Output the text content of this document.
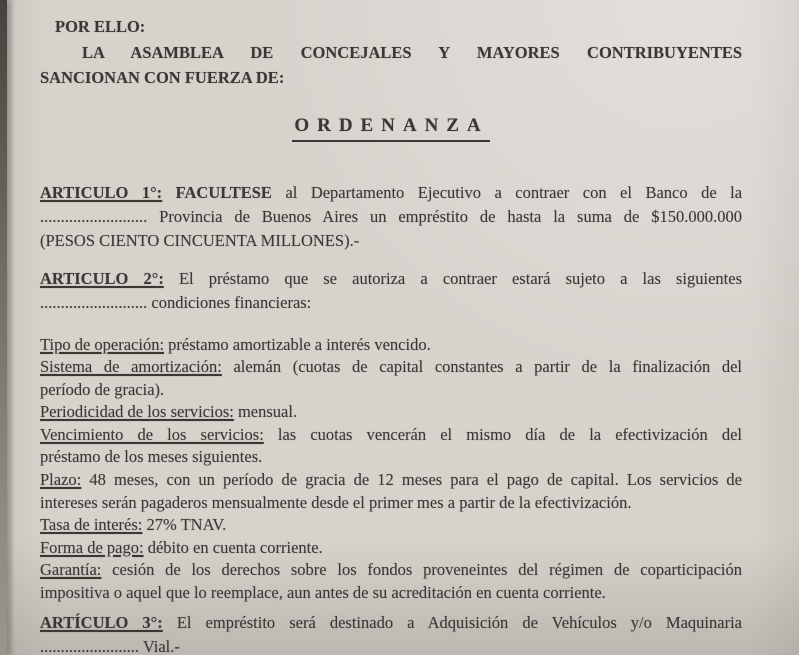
POR ELLO:
LA ASAMBLEA DE CONCEJALES Y MAYORES CONTRIBUYENTES
SANCIONAN CON FUERZA DE:
ORDENANZA
ARTICULO 1°: FACULTESE al Departamento Ejecutivo a contraer con el Banco de la
.......................... Provincia de Buenos Aires un empréstito de hasta la suma de $150.000.000
(PESOS CIENTO CINCUENTA MILLONES).-
ARTICULO 2°: El préstamo que se autoriza a contraer estará sujeto a las siguientes
.......................... condiciones financieras:
Tipo de operación: préstamo amortizable a interés vencido.
Sistema de amortización: alemán (cuotas de capital constantes a partir de la finalización del
período de gracia).
Periodicidad de los servicios: mensual.
Vencimiento de los servicios: las cuotas vencerán el mismo día de la efectivización del
préstamo de los meses siguientes.
Plazo: 48 meses, con un período de gracia de 12 meses para el pago de capital. Los servicios de
intereses serán pagaderos mensualmente desde el primer mes a partir de la efectivización.
Tasa de interés: 27% TNAV.
Forma de pago: débito en cuenta corriente.
Garantía: cesión de los derechos sobre los fondos proveneintes del régimen de coparticipación
impositiva o aquel que lo reemplace, aun antes de su acreditación en cuenta corriente.
ARTÍCULO 3°: El empréstito será destinado a Adquisición de Vehículos y/o Maquinaria
........................ Vial.-
